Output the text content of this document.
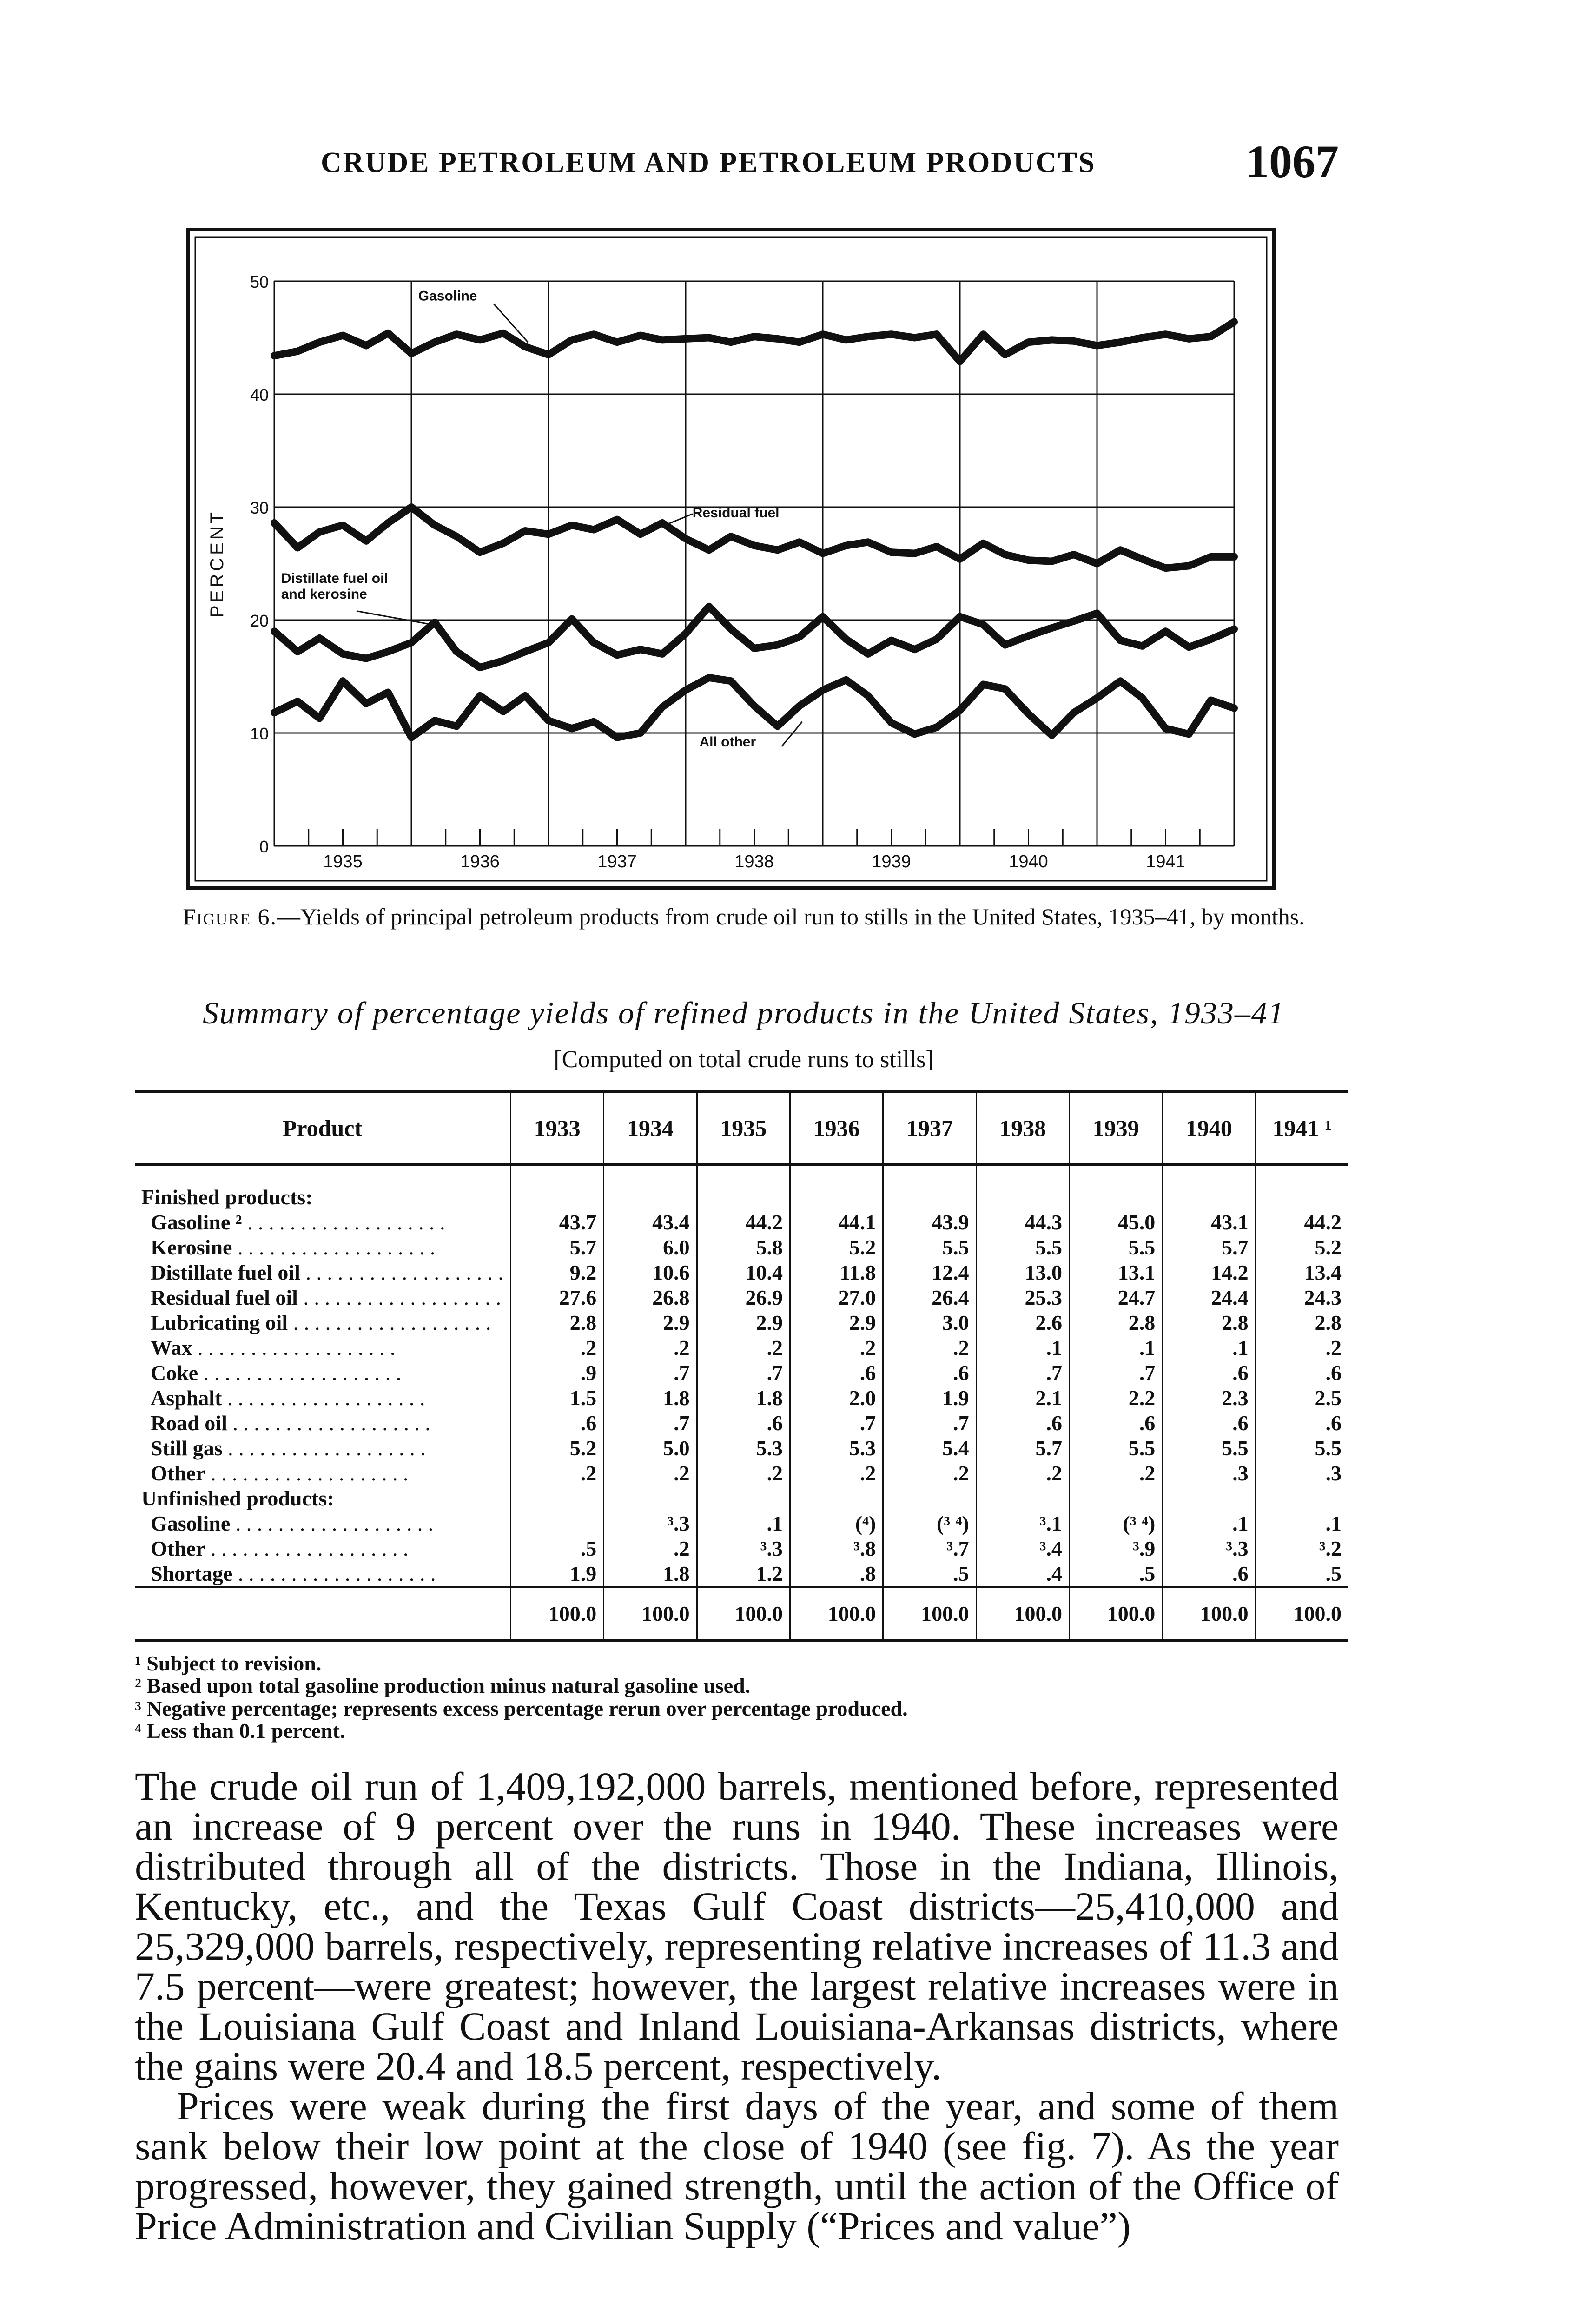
CRUDE PETROLEUM AND PETROLEUM PRODUCTS	1067
0
10
20
30
40
50
1935	1936	1937	1938	1939	1940	1941
PERCENT
Gasoline
Residual fuel
Distillate fuel oil and kerosine
All other
Figure 6.—Yields of principal petroleum products from crude oil run to stills in the United States, 1935–41, by months.
Summary of percentage yields of refined products in the United States, 1933–41
[Computed on total crude runs to stills]
Product	1933	1934	1935	1936	1937	1938	1939	1940	1941 ¹

Finished products:									
Gasoline ² . . .	43.7	43.4	44.2	44.1	43.9	44.3	45.0	43.1	44.2
Kerosine . . .	5.7	6.0	5.8	5.2	5.5	5.5	5.5	5.7	5.2
Distillate fuel oil . . .	9.2	10.6	10.4	11.8	12.4	13.0	13.1	14.2	13.4
Residual fuel oil . . .	27.6	26.8	26.9	27.0	26.4	25.3	24.7	24.4	24.3
Lubricating oil . . .	2.8	2.9	2.9	2.9	3.0	2.6	2.8	2.8	2.8
Wax . . .	.2	.2	.2	.2	.2	.1	.1	.1	.2
Coke . . .	.9	.7	.7	.6	.6	.7	.7	.6	.6
Asphalt . . .	1.5	1.8	1.8	2.0	1.9	2.1	2.2	2.3	2.5
Road oil . . .	.6	.7	.6	.7	.7	.6	.6	.6	.6
Still gas . . .	5.2	5.0	5.3	5.3	5.4	5.7	5.5	5.5	5.5
Other . . .	.2	.2	.2	.2	.2	.2	.2	.3	.3
Unfinished products:									
Gasoline . . .		³.3	.1	(⁴)	(³ ⁴)	³.1	(³ ⁴)	.1	.1
Other . . .	.5	.2	³.3	³.8	³.7	³.4	³.9	³.3	³.2
Shortage . . .	1.9	1.8	1.2	.8	.5	.4	.5	.6	.5
	100.0	100.0	100.0	100.0	100.0	100.0	100.0	100.0	100.0
¹ Subject to revision.
² Based upon total gasoline production minus natural gasoline used.
³ Negative percentage; represents excess percentage rerun over percentage produced.
⁴ Less than 0.1 percent.

The crude oil run of 1,409,192,000 barrels, mentioned before, represented an increase of 9 percent over the runs in 1940. These increases were distributed through all of the districts. Those in the Indiana, Illinois, Kentucky, etc., and the Texas Gulf Coast districts—25,410,000 and 25,329,000 barrels, respectively, representing relative increases of 11.3 and 7.5 percent—were greatest; however, the largest relative increases were in the Louisiana Gulf Coast and Inland Louisiana-Arkansas districts, where the gains were 20.4 and 18.5 percent, respectively.

Prices were weak during the first days of the year, and some of them sank below their low point at the close of 1940 (see fig. 7). As the year progressed, however, they gained strength, until the action of the Office of Price Administration and Civilian Supply (“Prices and value”)
